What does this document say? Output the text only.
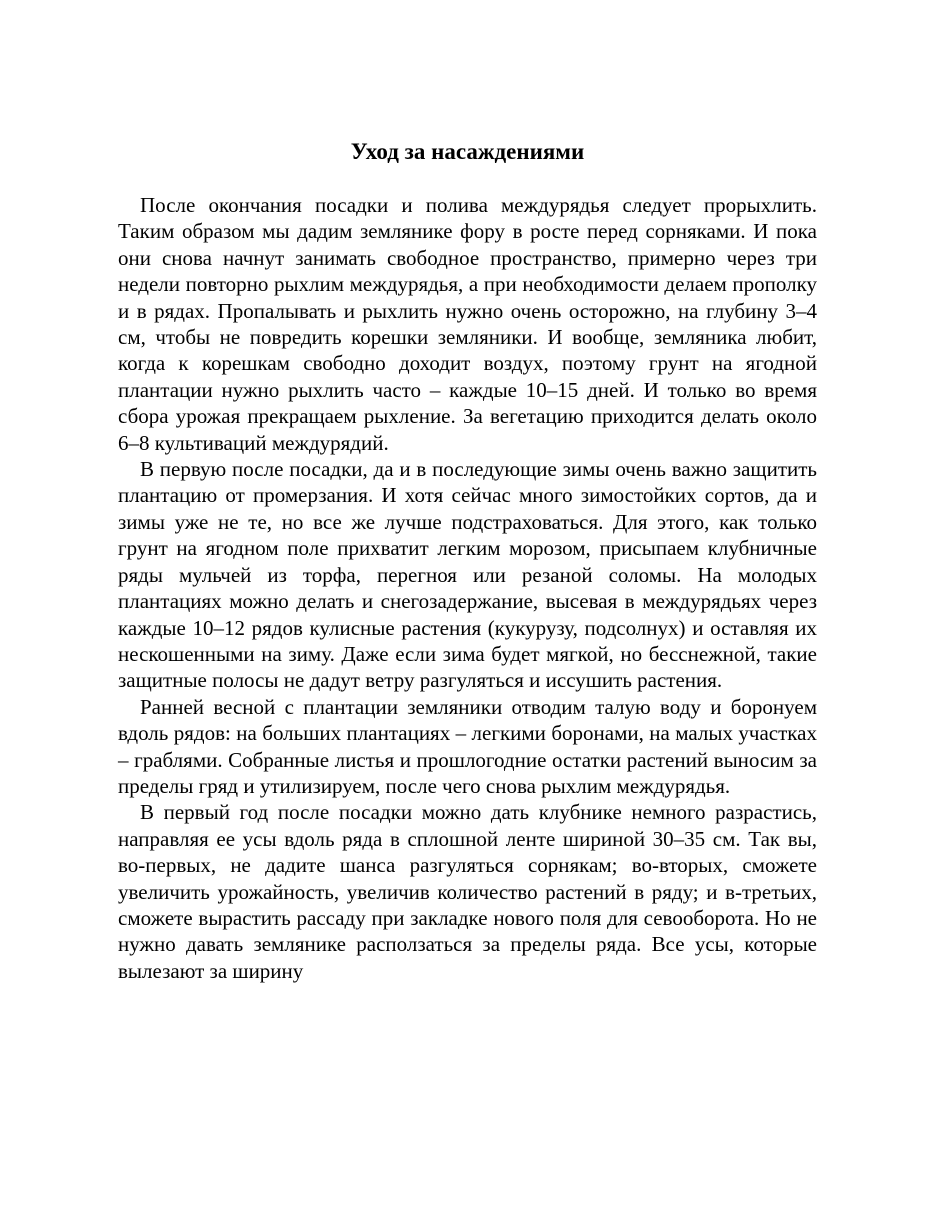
Уход за насаждениями

После окончания посадки и полива междурядья следует прорыхлить. Таким образом мы дадим землянике фору в росте перед сорняками. И пока они снова начнут занимать свободное пространство, примерно через три недели повторно рыхлим междурядья, а при необходимости делаем прополку и в рядах. Пропалывать и рыхлить нужно очень осторожно, на глубину 3–4 см, чтобы не повредить корешки земляники. И вообще, земляника любит, когда к корешкам свободно доходит воздух, поэтому грунт на ягодной плантации нужно рыхлить часто – каждые 10–15 дней. И только во время сбора урожая прекращаем рыхление. За вегетацию приходится делать около 6–8 культиваций междурядий.

В первую после посадки, да и в последующие зимы очень важно защитить плантацию от промерзания. И хотя сейчас много зимостойких сортов, да и зимы уже не те, но все же лучше подстраховаться. Для этого, как только грунт на ягодном поле прихватит легким морозом, присыпаем клубничные ряды мульчей из торфа, перегноя или резаной соломы. На молодых плантациях можно делать и снегозадержание, высевая в междурядьях через каждые 10–12 рядов кулисные растения (кукурузу, подсолнух) и оставляя их нескошенными на зиму. Даже если зима будет мягкой, но бесснежной, такие защитные полосы не дадут ветру разгуляться и иссушить растения.

Ранней весной с плантации земляники отводим талую воду и боронуем вдоль рядов: на больших плантациях – легкими боронами, на малых участках – граблями. Собранные листья и прошлогодние остатки растений выносим за пределы гряд и утилизируем, после чего снова рыхлим междурядья.

В первый год после посадки можно дать клубнике немного разрастись, направляя ее усы вдоль ряда в сплошной ленте шириной 30–35 см. Так вы, во-первых, не дадите шанса разгуляться сорнякам; во-вторых, сможете увеличить урожайность, увеличив количество растений в ряду; и в-третьих, сможете вырастить рассаду при закладке нового поля для севооборота. Но не нужно давать землянике расползаться за пределы ряда. Все усы, которые вылезают за ширину
